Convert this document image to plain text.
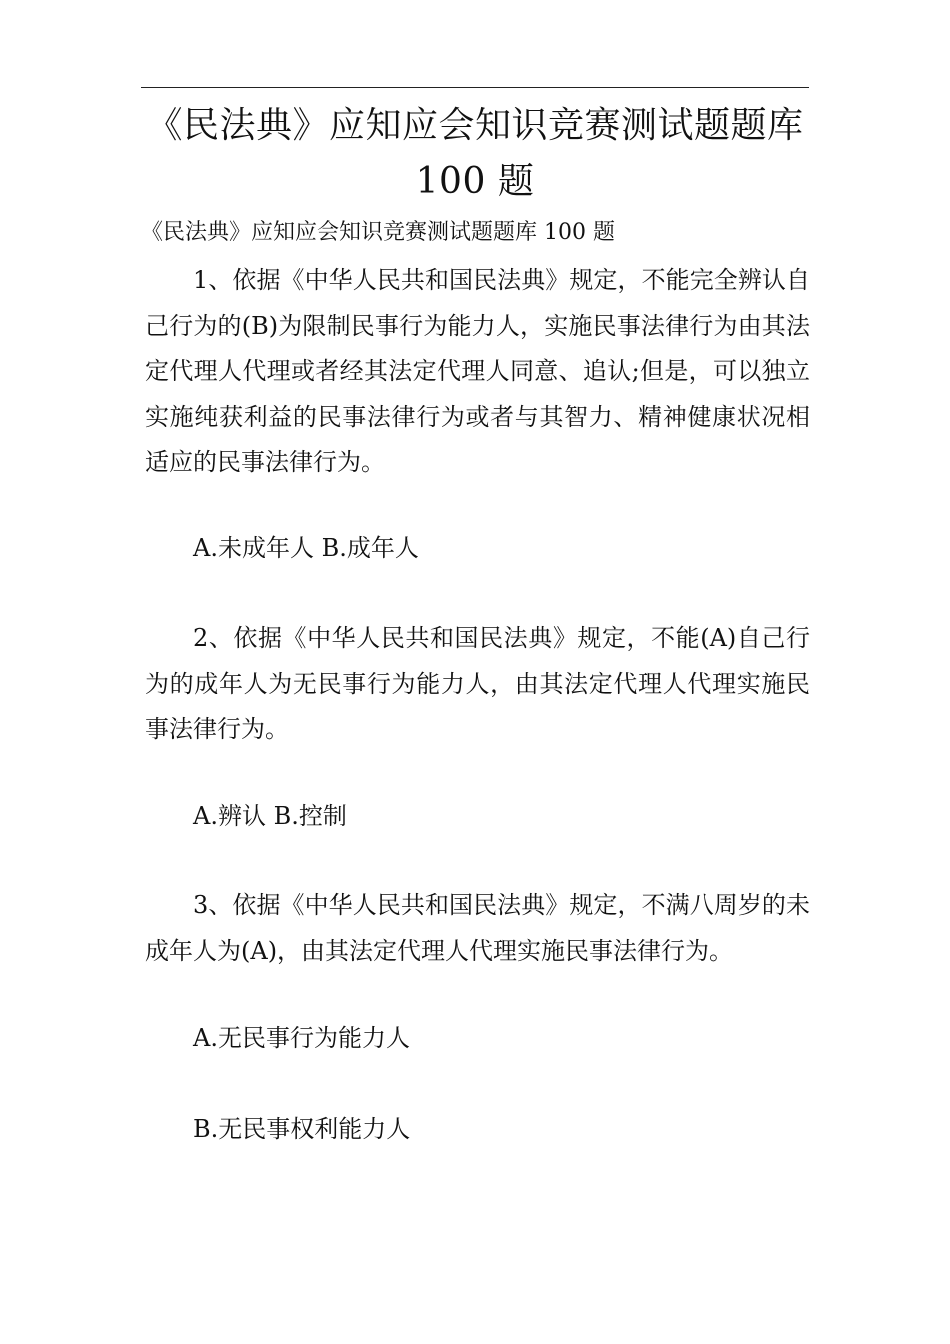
《民法典》应知应会知识竞赛测试题题库
100 题

《民法典》应知应会知识竞赛测试题题库 100 题

1、依据《中华人民共和国民法典》规定，不能完全辨认自己行为的(B)为限制民事行为能力人，实施民事法律行为由其法定代理人代理或者经其法定代理人同意、追认;但是，可以独立实施纯获利益的民事法律行为或者与其智力、精神健康状况相适应的民事法律行为。

A.未成年人 B.成年人

2、依据《中华人民共和国民法典》规定，不能(A)自己行为的成年人为无民事行为能力人，由其法定代理人代理实施民事法律行为。

A.辨认 B.控制

3、依据《中华人民共和国民法典》规定，不满八周岁的未成年人为(A)，由其法定代理人代理实施民事法律行为。

A.无民事行为能力人

B.无民事权利能力人
